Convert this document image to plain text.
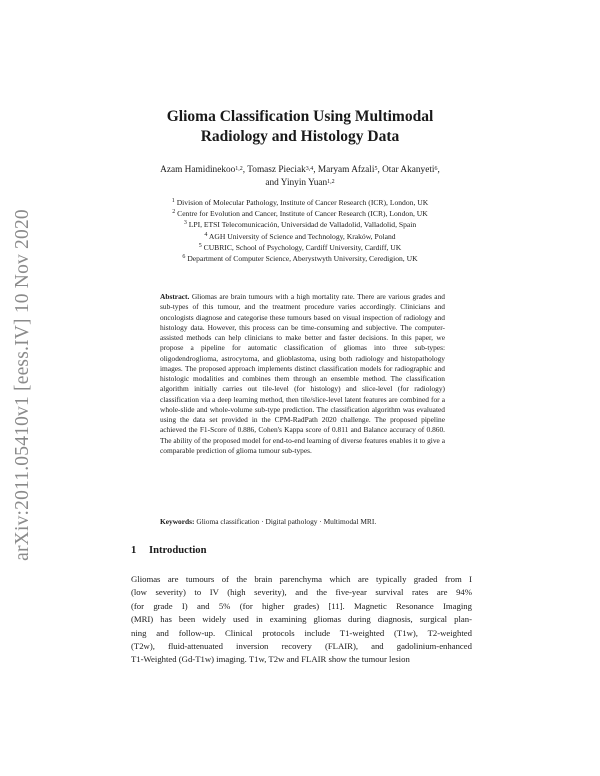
arXiv:2011.05410v1 [eess.IV] 10 Nov 2020
Glioma Classification Using Multimodal
Radiology and Histology Data
Azam Hamidinekoo$^{1,2}$, Tomasz Pieciak$^{3,4}$, Maryam Afzali$^5$, Otar Akanyeti$^6$,
and Yinyin Yuan$^{1,2}$
$^1$ Division of Molecular Pathology, Institute of Cancer Research (ICR), London, UK
$^2$ Centre for Evolution and Cancer, Institute of Cancer Research (ICR), London, UK
$^3$ LPI, ETSI Telecomunicación, Universidad de Valladolid, Valladolid, Spain
$^4$ AGH University of Science and Technology, Kraków, Poland
$^5$ CUBRIC, School of Psychology, Cardiff University, Cardiff, UK
$^6$ Department of Computer Science, Aberystwyth University, Ceredigion, UK
Abstract. Gliomas are brain tumours with a high mortality rate. There are various grades and sub-types of this tumour, and the treatment procedure varies accordingly. Clinicians and oncologists diagnose and categorise these tumours based on visual inspection of radiology and histology data. However, this process can be time-consuming and subjective. The computer-assisted methods can help clinicians to make better and faster decisions. In this paper, we propose a pipeline for automatic classification of gliomas into three sub-types: oligodendroglioma, astrocytoma, and glioblastoma, using both radiology and histopathology images. The proposed approach implements distinct classification models for radiographic and histologic modalities and combines them through an ensemble method. The classification algorithm initially carries out tile-level (for histology) and slice-level (for radiology) classification via a deep learning method, then tile/slice-level latent features are combined for a whole-slide and whole-volume sub-type prediction. The classification algorithm was evaluated using the data set provided in the CPM-RadPath 2020 challenge. The proposed pipeline achieved the F1-Score of 0.886, Cohen's Kappa score of 0.811 and Balance accuracy of 0.860. The ability of the proposed model for end-to-end learning of diverse features enables it to give a comparable prediction of glioma tumour sub-types.
Keywords: Glioma classification · Digital pathology · Multimodal MRI.
1 Introduction
Gliomas are tumours of the brain parenchyma which are typically graded from I
(low severity) to IV (high severity), and the five-year survival rates are 94%
(for grade I) and 5% (for higher grades) [11]. Magnetic Resonance Imaging
(MRI) has been widely used in examining gliomas during diagnosis, surgical plan-
ning and follow-up. Clinical protocols include T1-weighted (T1w), T2-weighted
(T2w), fluid-attenuated inversion recovery (FLAIR), and gadolinium-enhanced
T1-Weighted (Gd-T1w) imaging. T1w, T2w and FLAIR show the tumour lesion
